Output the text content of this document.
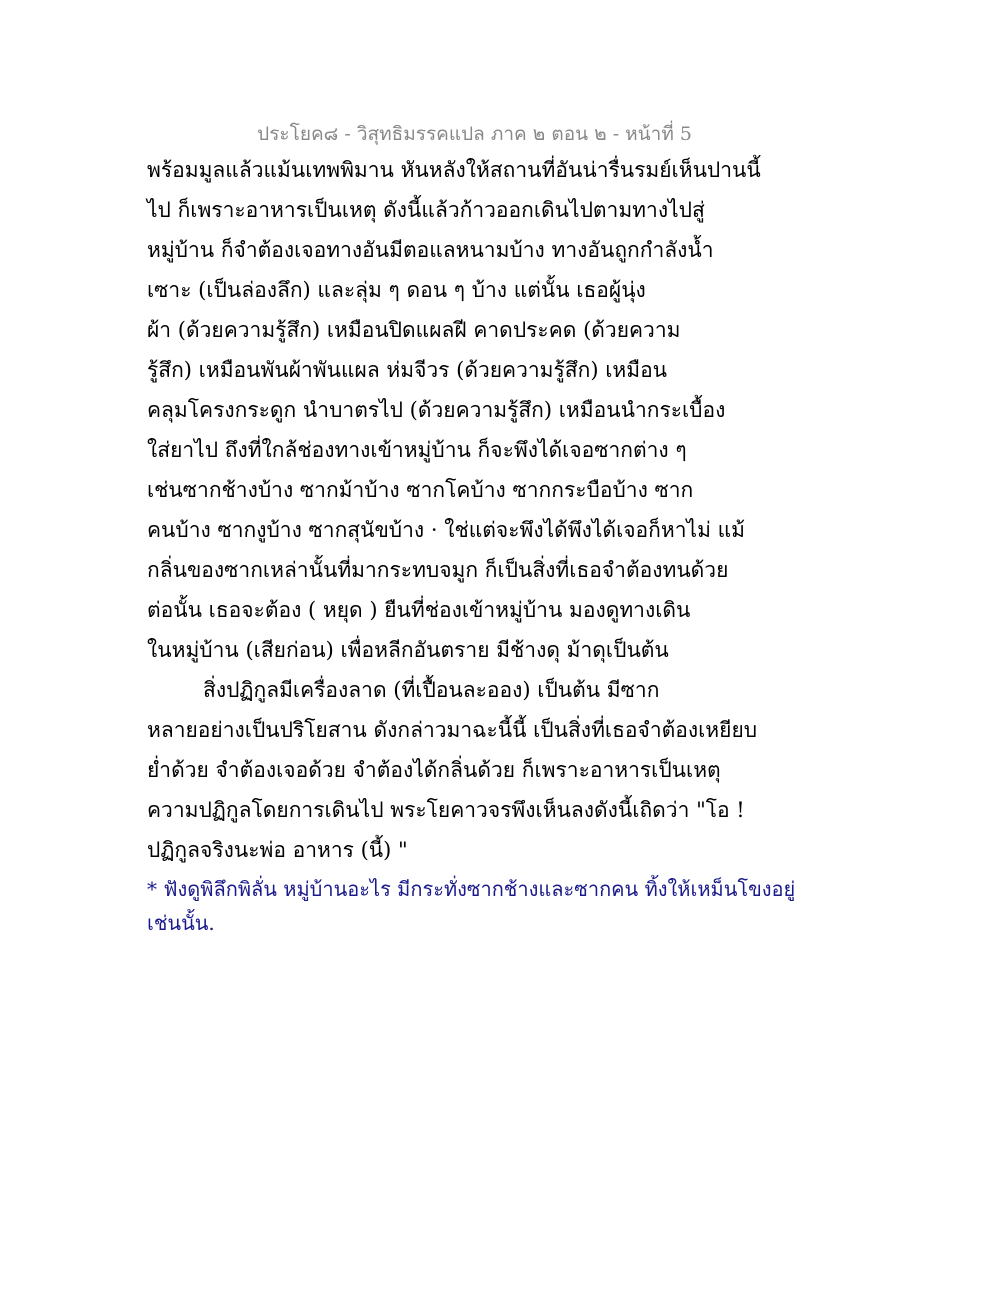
ประโยค๘ - วิสุทธิมรรคแปล ภาค ๒ ตอน ๒ - หน้าที่ 5
พร้อมมูลแล้วแม้นเทพพิมาน หันหลังให้สถานที่อันน่ารื่นรมย์เห็นปานนี้
ไป ก็เพราะอาหารเป็นเหตุ ดังนี้แล้วก้าวออกเดินไปตามทางไปสู่
หมู่บ้าน ก็จำต้องเจอทางอันมีตอแลหนามบ้าง ทางอันถูกกำลังน้ำ
เซาะ (เป็นล่องลึก) และลุ่ม ๆ ดอน ๆ บ้าง แต่นั้น เธอผู้นุ่ง
ผ้า (ด้วยความรู้สึก) เหมือนปิดแผลฝี คาดประคด (ด้วยความ
รู้สึก) เหมือนพันผ้าพันแผล ห่มจีวร (ด้วยความรู้สึก) เหมือน
คลุมโครงกระดูก นำบาตรไป (ด้วยความรู้สึก) เหมือนนำกระเบื้อง
ใส่ยาไป ถึงที่ใกล้ช่องทางเข้าหมู่บ้าน ก็จะพึงได้เจอซากต่าง ๆ
เช่นซากช้างบ้าง ซากม้าบ้าง ซากโคบ้าง ซากกระบือบ้าง ซาก
คนบ้าง ซากงูบ้าง ซากสุนัขบ้าง · ใช่แต่จะพึงได้พึงได้เจอก็หาไม่ แม้
กลิ่นของซากเหล่านั้นที่มากระทบจมูก ก็เป็นสิ่งที่เธอจำต้องทนด้วย
ต่อนั้น เธอจะต้อง ( หยุด ) ยืนที่ช่องเข้าหมู่บ้าน มองดูทางเดิน
ในหมู่บ้าน (เสียก่อน) เพื่อหลีกอันตราย มีช้างดุ ม้าดุเป็นต้น
สิ่งปฏิกูลมีเครื่องลาด (ที่เปื้อนละออง) เป็นต้น มีซาก
หลายอย่างเป็นปริโยสาน ดังกล่าวมาฉะนี้นี้ เป็นสิ่งที่เธอจำต้องเหยียบ
ย่ำด้วย จำต้องเจอด้วย จำต้องได้กลิ่นด้วย ก็เพราะอาหารเป็นเหตุ
ความปฏิกูลโดยการเดินไป พระโยคาวจรพึงเห็นลงดังนี้เถิดว่า "โอ !
ปฏิกูลจริงนะพ่อ อาหาร (นี้) "
* ฟังดูพิลึกพิลั่น หมู่บ้านอะไร มีกระทั่งซากช้างและซากคน ทิ้งให้เหม็นโขงอยู่
เช่นนั้น.
